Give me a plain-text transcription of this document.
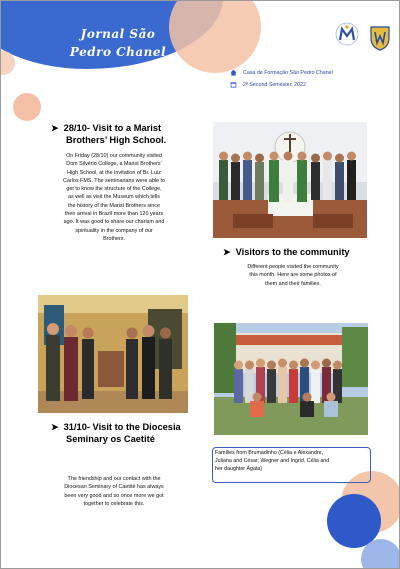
Jornal São
Pedro Chanel
Casa de Formação São Pedro Chanel
2ª Second Semester, 2022
➤ 28/10- Visit to a Marist
Brothers’ High School.
On Friday (28/10) our community visited
Dom Silvério College, a Marist Brothers’
High School, at the invitation of Br. Luiz
Carlos FMS. The seminarians were able to
get to know the structure of the College,
as well as visit the Museum which tells
the history of the Marist Brothers since
their arrival in Brazil more than 120 years
ago. It was good to share our charism and
spirituality in the company of our
Brothers.
➤ Visitors to the community
Different people visited the community
this month. Here are some photos of
them and their families.
Families from Brumadinho (Célia e Alexandre,
Juliana and César, Wegner and Ingrid, Célia and
her daughter Ágata)
➤ 31/10- Visit to the Diocesia
Seminary os Caetité
The friendship and our contact with the
Diocesan Seminary of Caetité has always
been very good and so once more we got
together to celebrate this.
